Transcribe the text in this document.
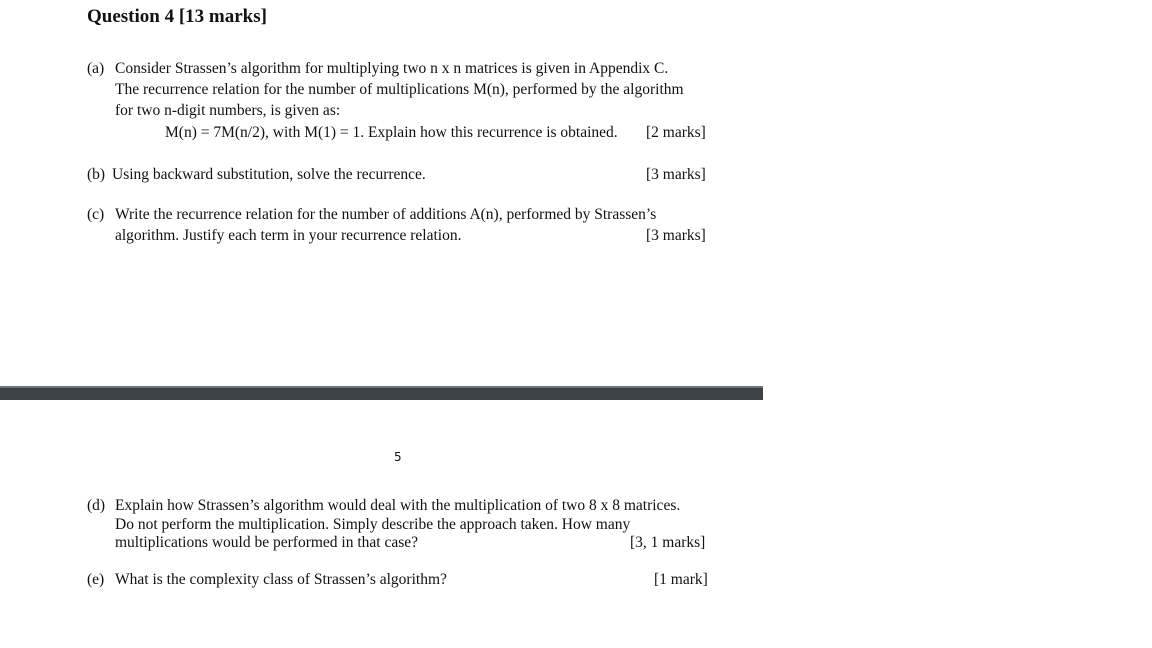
Question 4 [13 marks]
(a) Consider Strassen’s algorithm for multiplying two n x n matrices is given in Appendix C.
The recurrence relation for the number of multiplications M(n), performed by the algorithm
for two n-digit numbers, is given as:
M(n) = 7M(n/2), with M(1) = 1. Explain how this recurrence is obtained. [2 marks]
(b) Using backward substitution, solve the recurrence.	[3 marks]
(c) Write the recurrence relation for the number of additions A(n), performed by Strassen’s
algorithm. Justify each term in your recurrence relation.	[3 marks]
5
(d) Explain how Strassen’s algorithm would deal with the multiplication of two 8 x 8 matrices.
Do not perform the multiplication. Simply describe the approach taken. How many
multiplications would be performed in that case?	[3, 1 marks]
(e) What is the complexity class of Strassen’s algorithm?	[1 mark]
